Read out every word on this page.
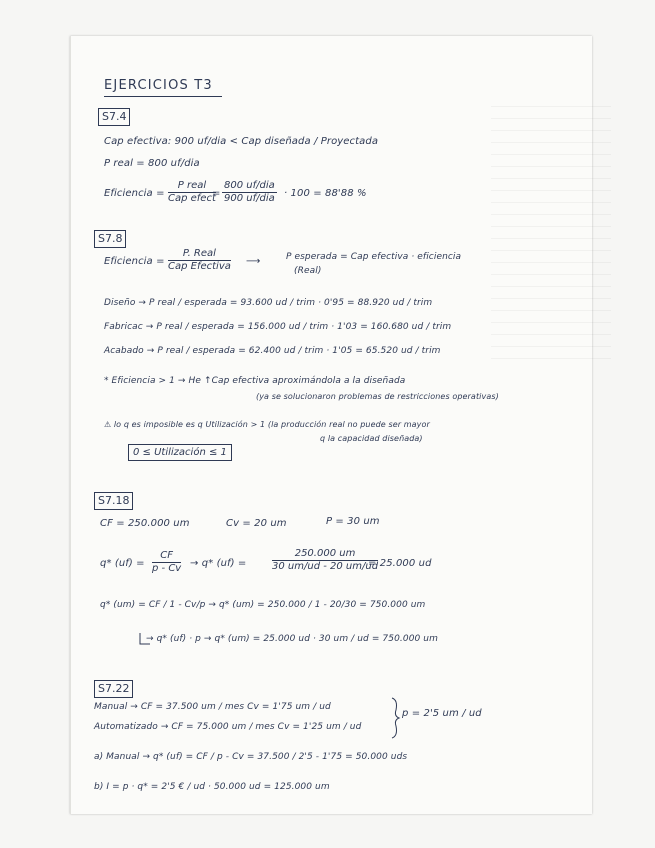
EJERCICIOS T3
S7.4
Cap efectiva: 900 uf/dia < Cap diseñada / Proyectada
P real = 800 uf/dia
Eficiencia =
P real
Cap efect
=
800 uf/dia
900 uf/dia · 100 = 88'88 %
S7.8
Eficiencia =
P. Real
Cap Efectiva ⟶	P esperada = Cap efectiva · eficiencia
(Real)
Diseño → P real / esperada = 93.600 ud / trim · 0'95 = 88.920 ud / trim
Fabricac → P real / esperada = 156.000 ud / trim · 1'03 = 160.680 ud / trim
Acabado → P real / esperada = 62.400 ud / trim · 1'05 = 65.520 ud / trim
* Eficiencia > 1 → He ↑Cap efectiva aproximándola a la diseñada
(ya se solucionaron problemas de restricciones operativas)
⚠ lo q es imposible es q Utilización > 1 (la producción real no puede ser mayor
q la capacidad diseñada)
0 ≤ Utilización ≤ 1
S7.18
CF = 250.000 um	Cv = 20 um	P = 30 um
q* $(uf) = \frac{CF}{p - Cv} \to q*$ (uf) =	$\frac{250.000 um}{30 um/ud - 20 um/ud}$
= 25.000 ud
q* (um) = CF / 1 - Cv/p → q* (um) = 250.000 / 1 - 20/30 = 750.000 um
→ q* (uf) · p → q* (um) = 25.000 ud · 30 um / ud = 750.000 um
S7.22
Manual → CF = 37.500 um / mes Cv = 1'75 um / ud
Automatizado → CF = 75.000 um / mes Cv = 1'25 um / ud
p = 2'5 um / ud
a) Manual → q* (uf) = CF / p - Cv = 37.500 / 2'5 - 1'75 = 50.000 uds
b) I = p · q* = 2'5 € / ud · 50.000 ud = 125.000 um
